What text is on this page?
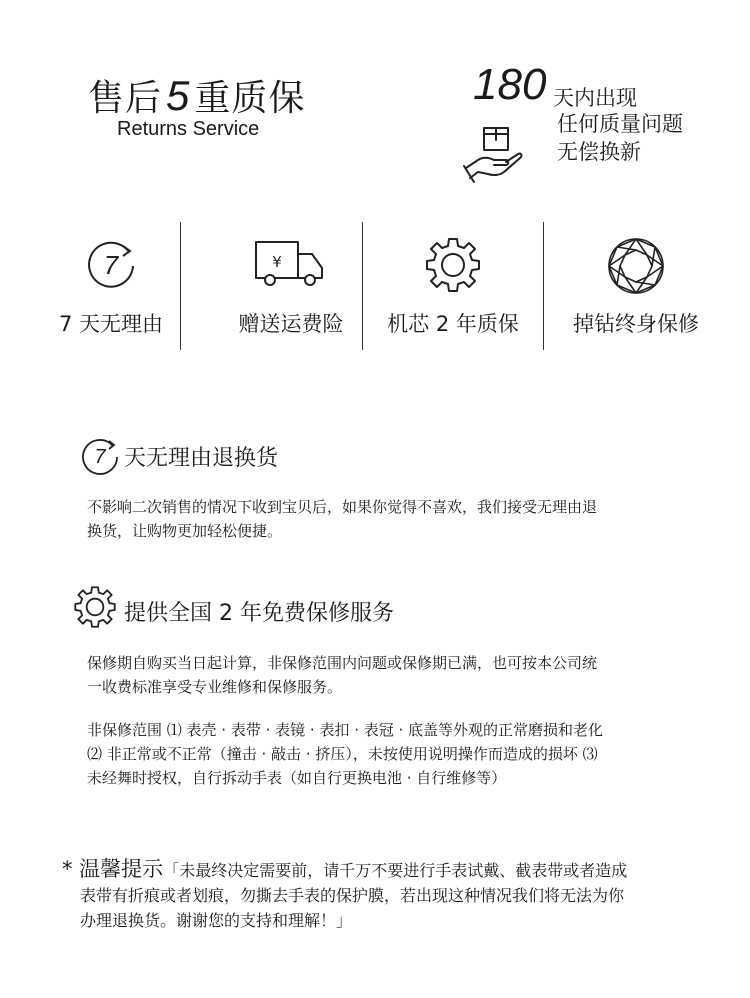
售后5 重质保
Returns Service
180 天内出现
任何质量问题
无偿换新
7
7 天无理由
¥
赠送运费险	机芯 2 年质保	掉钻终身保修
7 天无理由退换货
不影响二次销售的情况下收到宝贝后，如果你觉得不喜欢，我们接受无理由退
换货，让购物更加轻松便捷。
提供全国 2 年免费保修服务
保修期自购买当日起计算，非保修范围内问题或保修期已满，也可按本公司统
一收费标准享受专业维修和保修服务。
非保修范围 ⑴ 表壳 · 表带 · 表镜 · 表扣 · 表冠 · 底盖等外观的正常磨损和老化
⑵ 非正常或不正常（撞击 · 敲击 · 挤压），未按使用说明操作而造成的损坏 ⑶
未经舞时授权，自行拆动手表（如自行更换电池 · 自行维修等）
* 温馨提示「未最终决定需要前，请千万不要进行手表试戴、截表带或者造成
表带有折痕或者划痕，勿撕去手表的保护膜，若出现这种情况我们将无法为你
办理退换货。谢谢您的支持和理解！」
